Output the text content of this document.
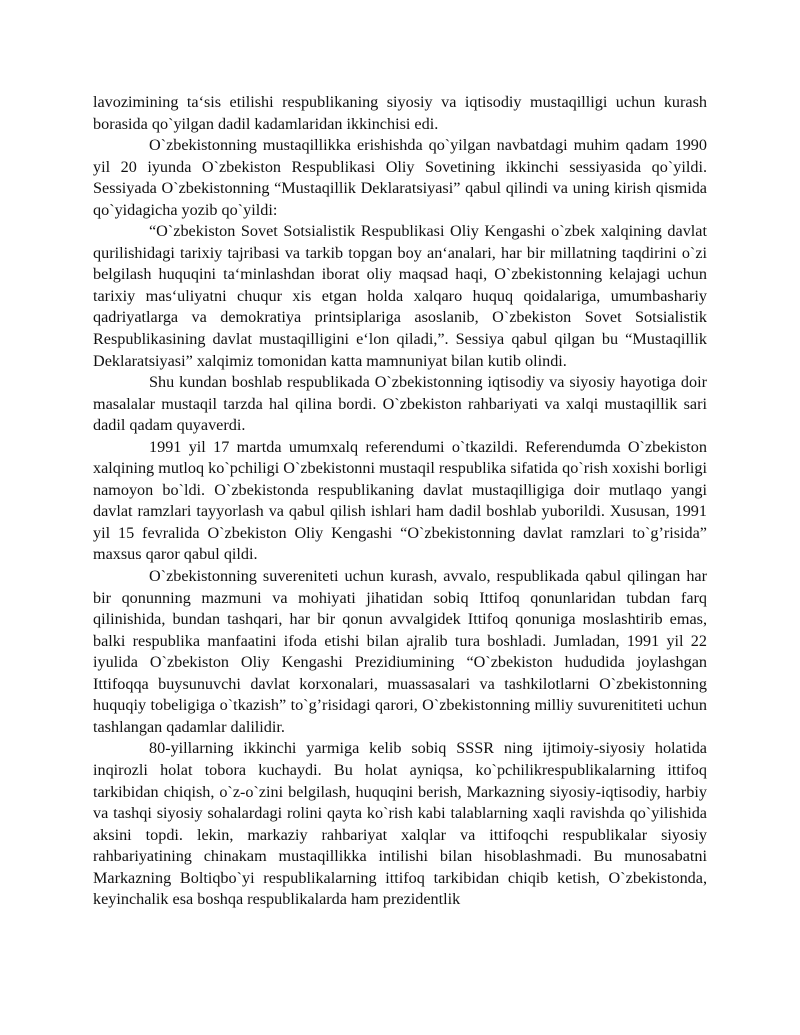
lavozimining ta‘sis etilishi respublikaning siyosiy va iqtisodiy mustaqilligi uchun kurash borasida qo`yilgan dadil kadamlaridan ikkinchisi edi.

O`zbekistonning mustaqillikka erishishda qo`yilgan navbatdagi muhim qadam 1990 yil 20 iyunda O`zbekiston Respublikasi Oliy Sovetining ikkinchi sessiyasida qo`yildi. Sessiyada O`zbekistonning “Mustaqillik Deklaratsiyasi” qabul qilindi va uning kirish qismida qo`yidagicha yozib qo`yildi:

“O`zbekiston Sovet Sotsialistik Respublikasi Oliy Kengashi o`zbek xalqining davlat qurilishidagi tarixiy tajribasi va tarkib topgan boy an‘analari, har bir millatning taqdirini o`zi belgilash huquqini ta‘minlashdan iborat oliy maqsad haqi, O`zbekistonning kelajagi uchun tarixiy mas‘uliyatni chuqur xis etgan holda xalqaro huquq qoidalariga, umumbashariy qadriyatlarga va demokratiya printsiplariga asoslanib, O`zbekiston Sovet Sotsialistik Respublikasining davlat mustaqilligini e‘lon qiladi,”. Sessiya qabul qilgan bu “Mustaqillik Deklaratsiyasi” xalqimiz tomonidan katta mamnuniyat bilan kutib olindi.

Shu kundan boshlab respublikada O`zbekistonning iqtisodiy va siyosiy hayotiga doir masalalar mustaqil tarzda hal qilina bordi. O`zbekiston rahbariyati va xalqi mustaqillik sari dadil qadam quyaverdi.

1991 yil 17 martda umumxalq referendumi o`tkazildi. Referendumda O`zbekiston xalqining mutloq ko`pchiligi O`zbekistonni mustaqil respublika sifatida qo`rish xoxishi borligi namoyon bo`ldi. O`zbekistonda respublikaning davlat mustaqilligiga doir mutlaqo yangi davlat ramzlari tayyorlash va qabul qilish ishlari ham dadil boshlab yuborildi. Xususan, 1991 yil 15 fevralida O`zbekiston Oliy Kengashi “O`zbekistonning davlat ramzlari to`g’risida” maxsus qaror qabul qildi.

O`zbekistonning suvereniteti uchun kurash, avvalo, respublikada qabul qilingan har bir qonunning mazmuni va mohiyati jihatidan sobiq Ittifoq qonunlaridan tubdan farq qilinishida, bundan tashqari, har bir qonun avvalgidek Ittifoq qonuniga moslashtirib emas, balki respublika manfaatini ifoda etishi bilan ajralib tura boshladi. Jumladan, 1991 yil 22 iyulida O`zbekiston Oliy Kengashi Prezidiumining “O`zbekiston hududida joylashgan Ittifoqqa buysunuvchi davlat korxonalari, muassasalari va tashkilotlarni O`zbekistonning huquqiy tobeligiga o`tkazish” to`g’risidagi qarori, O`zbekistonning milliy suvurenititeti uchun tashlangan qadamlar dalilidir.

80-yillarning ikkinchi yarmiga kelib sobiq SSSR ning ijtimoiy-siyosiy holatida inqirozli holat tobora kuchaydi. Bu holat ayniqsa, ko`pchilikrespublikalarning ittifoq tarkibidan chiqish, o`z-o`zini belgilash, huquqini berish, Markazning siyosiy-iqtisodiy, harbiy va tashqi siyosiy sohalardagi rolini qayta ko`rish kabi talablarning xaqli ravishda qo`yilishida aksini topdi. lekin, markaziy rahbariyat xalqlar va ittifoqchi respublikalar siyosiy rahbariyatining chinakam mustaqillikka intilishi bilan hisoblashmadi. Bu munosabatni Markazning Boltiqbo`yi respublikalarning ittifoq tarkibidan chiqib ketish, O`zbekistonda, keyinchalik esa boshqa respublikalarda ham prezidentlik
